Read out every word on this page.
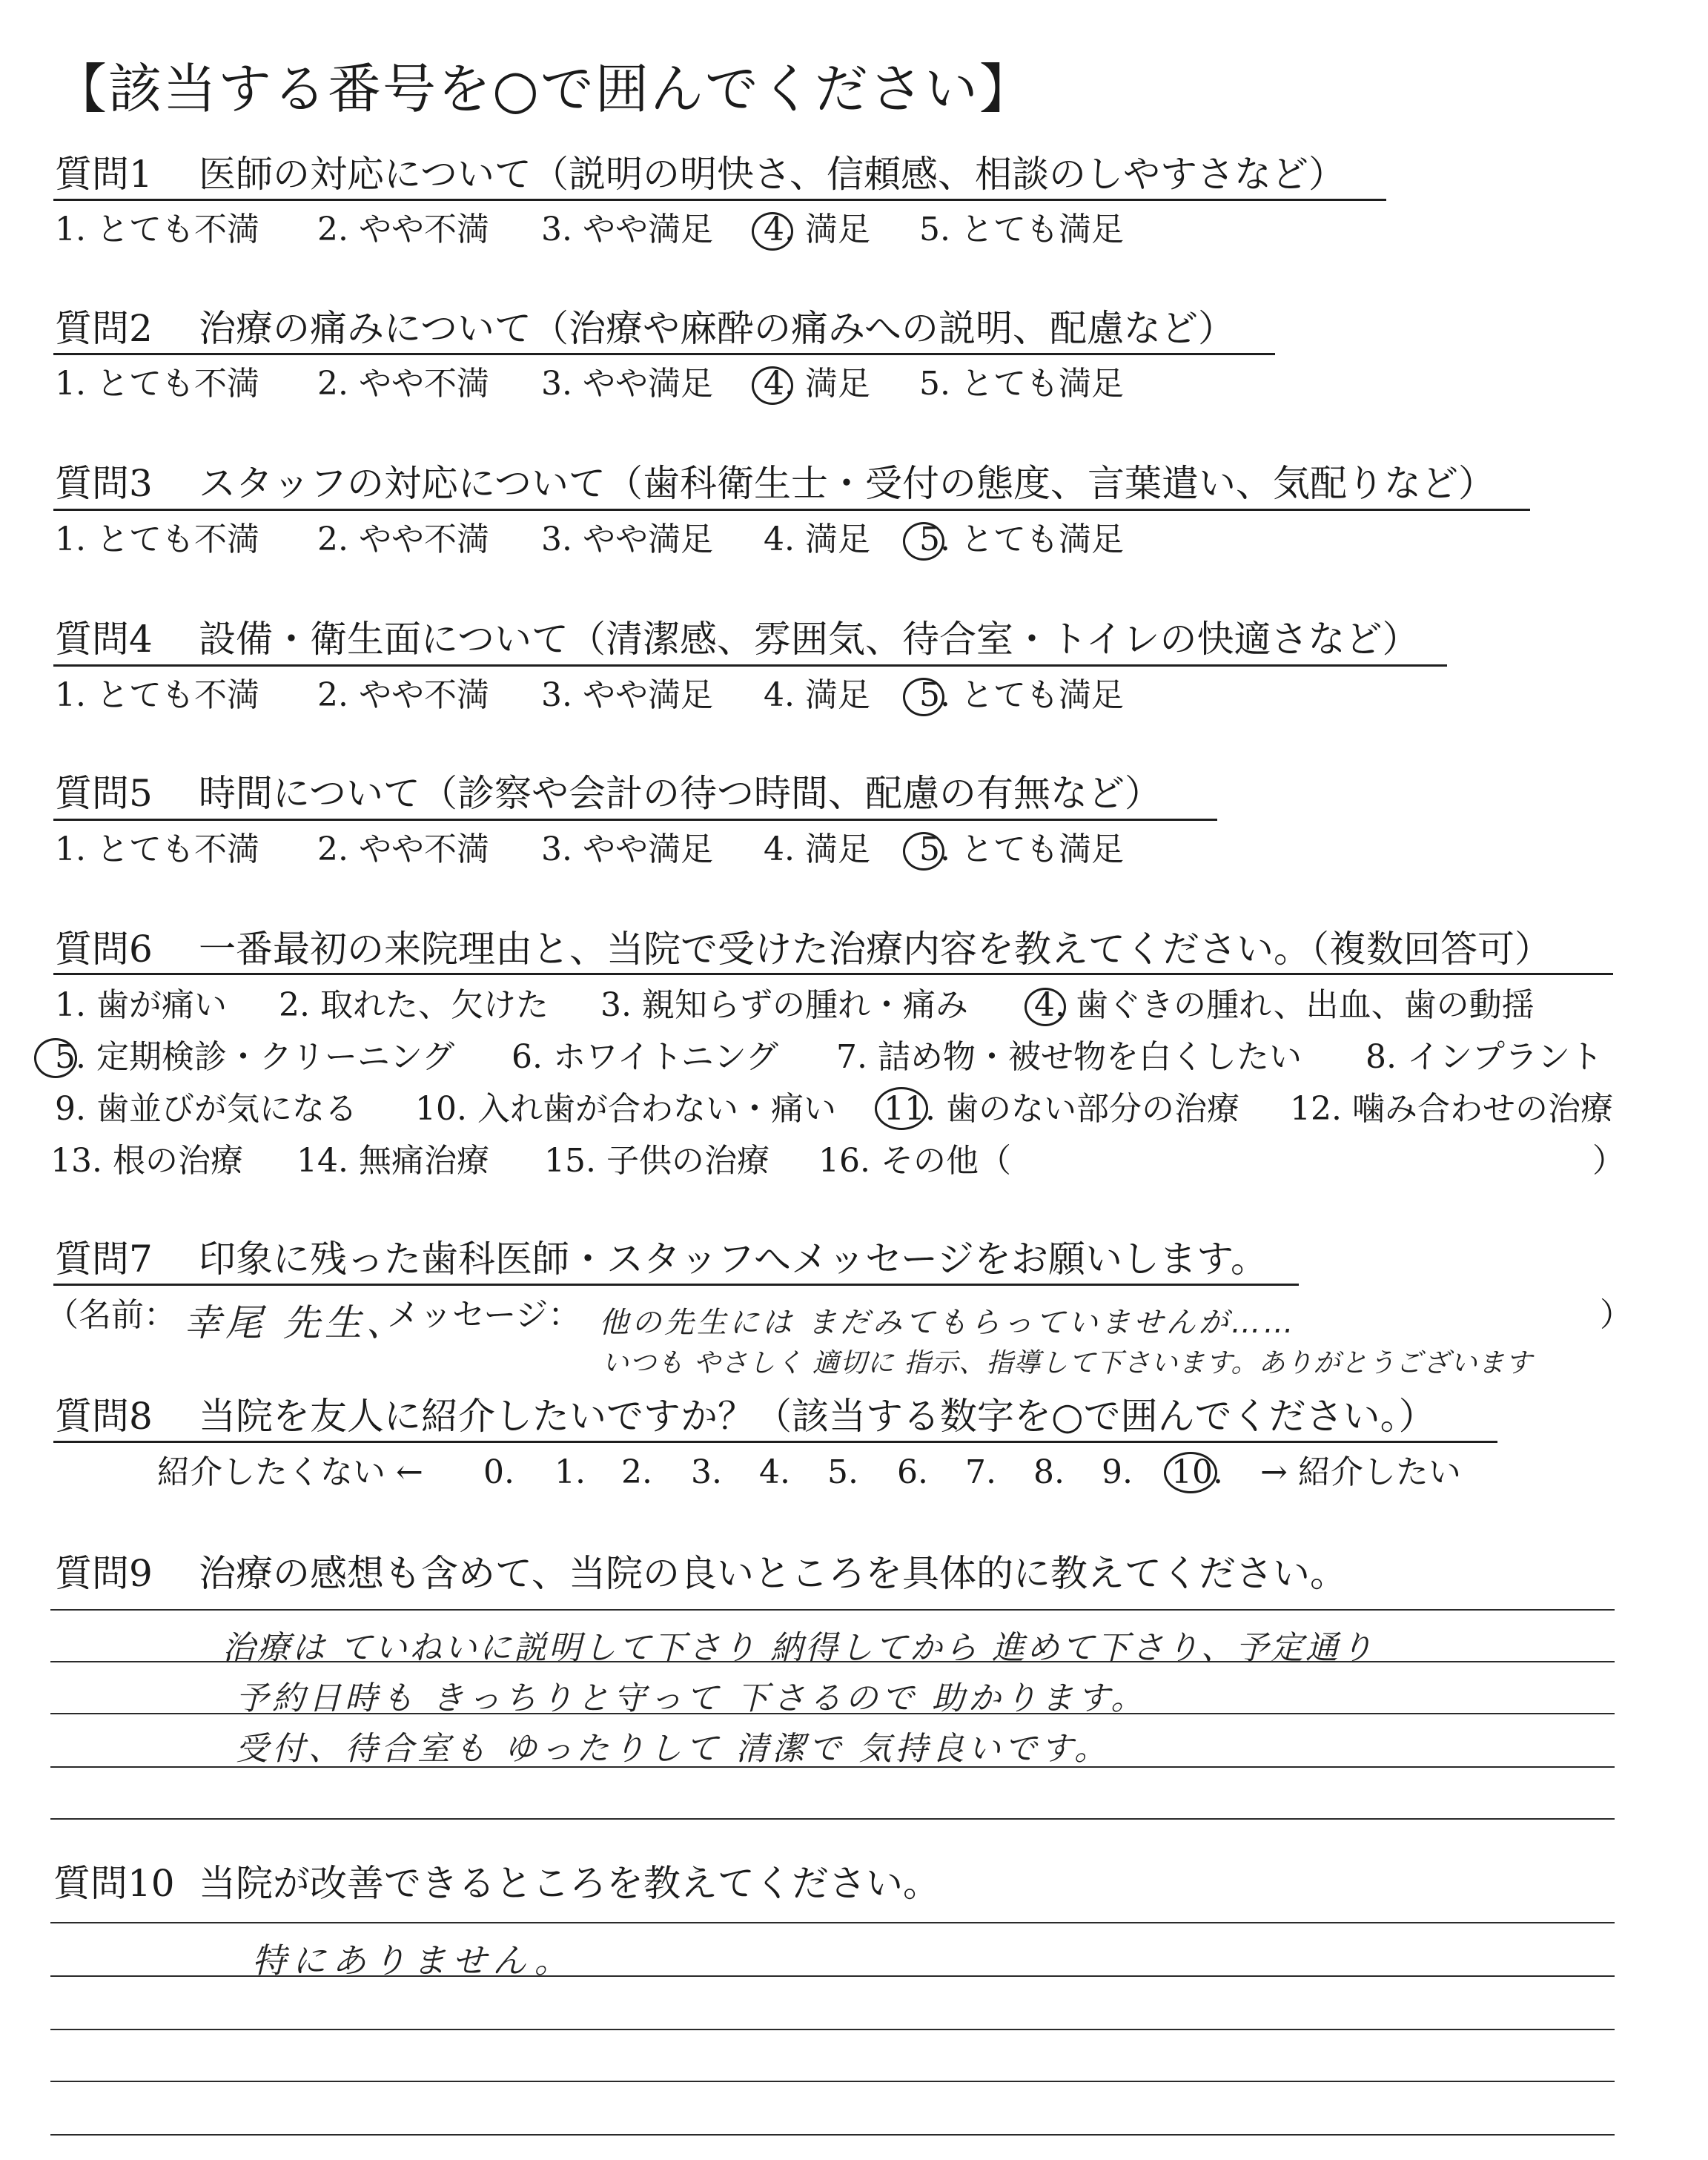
【該当する番号を○で囲んでください】
質問1 医師の対応について（説明の明快さ、信頼感、相談のしやすさなど）
1. とても不満 2. やや不満 3. やや満足 4. 満足 5. とても満足
質問2 治療の痛みについて（治療や麻酔の痛みへの説明、配慮など）
1. とても不満 2. やや不満 3. やや満足 4. 満足 5. とても満足
質問3 スタッフの対応について（歯科衛生士・受付の態度、言葉遣い、気配りなど）
1. とても不満 2. やや不満 3. やや満足 4. 満足 5. とても満足
質問4 設備・衛生面について（清潔感、雰囲気、待合室・トイレの快適さなど）
1. とても不満 2. やや不満 3. やや満足 4. 満足 5. とても満足
質問5 時間について（診察や会計の待つ時間、配慮の有無など）
1. とても不満 2. やや不満 3. やや満足 4. 満足 5. とても満足
質問6 一番最初の来院理由と、当院で受けた治療内容を教えてください。（複数回答可）
1. 歯が痛い 2. 取れた、欠けた 3. 親知らずの腫れ・痛み 4. 歯ぐきの腫れ、出血、歯の動揺
5. 定期検診・クリーニング 6. ホワイトニング 7. 詰め物・被せ物を白くしたい 8. インプラント
9. 歯並びが気になる 10. 入れ歯が合わない・痛い 11. 歯のない部分の治療 12. 噛み合わせの治療
13. 根の治療 14. 無痛治療 15. 子供の治療 16. その他（	）
質問7 印象に残った歯科医師・スタッフへメッセージをお願いします。
（名前： 幸尾 先生、
メッセージ： 他の先生には まだみてもらっていませんが……
いつも やさしく 適切に 指示、指導して下さいます。ありがとうございます
）
質問8 当院を友人に紹介したいですか？（該当する数字を○で囲んでください。）
紹介したくない ← 0. 1. 2. 3. 4. 5. 6. 7. 8. 9. 10. → 紹介したい
質問9 治療の感想も含めて、当院の良いところを具体的に教えてください。
治療は ていねいに説明して下さり 納得してから 進めて下さり、予定通り
予約日時も きっちりと守って 下さるので 助かります。
受付、待合室も ゆったりして 清潔で 気持良いです。
質問10 当院が改善できるところを教えてください。
特にありません。
